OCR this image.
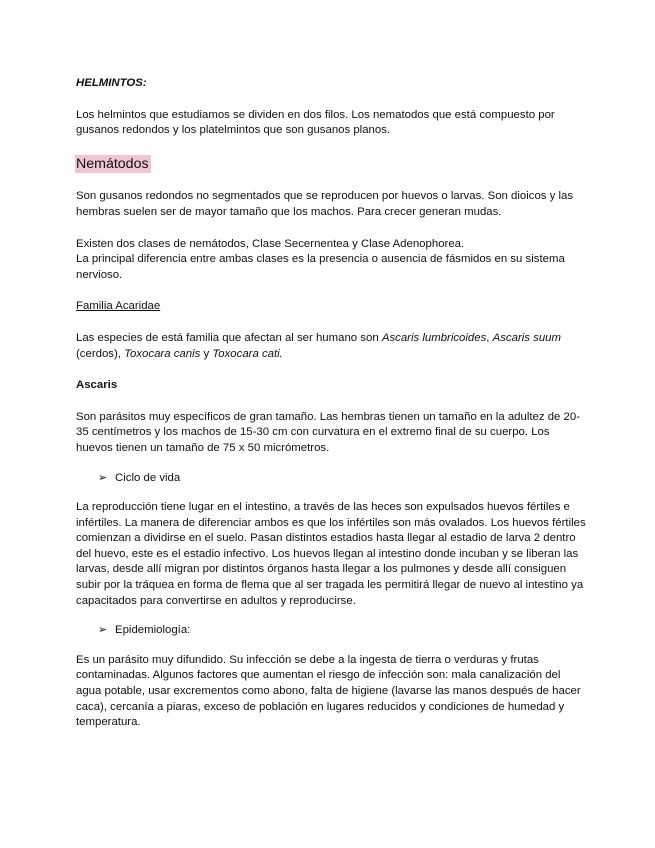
HELMINTOS:

Los helmintos que estudiamos se dividen en dos filos. Los nematodos que está compuesto por gusanos redondos y los platelmintos que son gusanos planos.

Nemátodos

Son gusanos redondos no segmentados que se reproducen por huevos o larvas. Son dioicos y las hembras suelen ser de mayor tamaño que los machos. Para crecer generan mudas.

Existen dos clases de nemátodos, Clase Secernentea y Clase Adenophorea.

La principal diferencia entre ambas clases es la presencia o ausencia de fásmidos en su sistema nervioso.

Familia Acaridae

Las especies de está familia que afectan al ser humano son Ascaris lumbricoides, Ascaris suum (cerdos), Toxocara canis y Toxocara cati.

Ascaris

Son parásitos muy específicos de gran tamaño. Las hembras tienen un tamaño en la adultez de 20-35 centímetros y los machos de 15-30 cm con curvatura en el extremo final de su cuerpo. Los huevos tienen un tamaño de 75 x 50 micrómetros.

➢ Ciclo de vida

La reproducción tiene lugar en el intestino, a través de las heces son expulsados huevos fértiles e infértiles. La manera de diferenciar ambos es que los infértiles son más ovalados. Los huevos fértiles comienzan a dividirse en el suelo. Pasan distintos estadios hasta llegar al estadio de larva 2 dentro del huevo, este es el estadio infectivo. Los huevos llegan al intestino donde incuban y se liberan las larvas, desde allí migran por distintos órganos hasta llegar a los pulmones y desde allí consiguen subir por la tráquea en forma de flema que al ser tragada les permitirá llegar de nuevo al intestino ya capacitados para convertirse en adultos y reproducirse.

➢ Epidemiología:

Es un parásito muy difundido. Su infección se debe a la ingesta de tierra o verduras y frutas contaminadas. Algunos factores que aumentan el riesgo de infección son: mala canalización del agua potable, usar excrementos como abono, falta de higiene (lavarse las manos después de hacer caca), cercanía a piaras, exceso de población en lugares reducidos y condiciones de humedad y temperatura.
